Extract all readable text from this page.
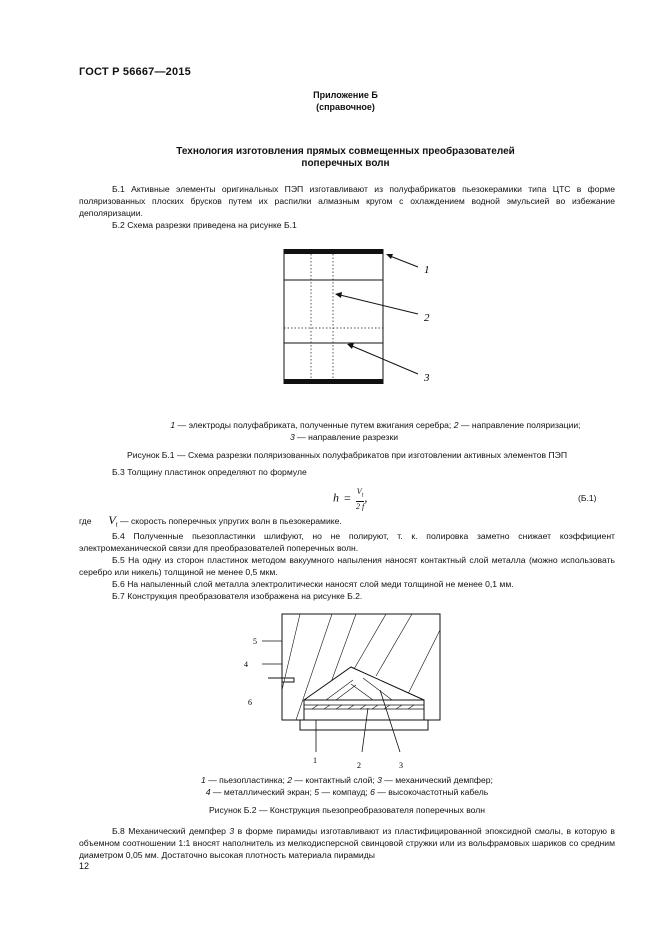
ГОСТ Р 56667—2015
Приложение Б
(справочное)
Технология изготовления прямых совмещенных преобразователей
поперечных волн
Б.1 Активные элементы оригинальных ПЭП изготавливают из полуфабрикатов пьезокерамики типа ЦТС в форме поляризованных плоских брусков путем их распилки алмазным кругом с охлаждением водной эмульсией во избежание деполяризации.
Б.2 Схема разрезки приведена на рисунке Б.1
1
2
3
1 — электроды полуфабриката, полученные путем вжигания серебра; 2 — направление поляризации;
3 — направление разрезки
Рисунок Б.1 — Схема разрезки поляризованных полуфабрикатов при изготовлении активных элементов ПЭП
Б.3 Толщину пластинок определяют по формуле
$h = \frac{V_t}{2 f}$ ,	(Б.1)
где $V_t$ — скорость поперечных упругих волн в пьезокерамике.
Б.4 Полученные пьезопластинки шлифуют, но не полируют, т. к. полировка заметно снижает коэффициент электромеханической связи для преобразователей поперечных волн.
Б.5 На одну из сторон пластинок методом вакуумного напыления наносят контактный слой металла (можно использовать серебро или никель) толщиной не менее 0,5 мкм.
Б.6 На напыленный слой металла электролитически наносят слой меди толщиной не менее 0,1 мм.
Б.7 Конструкция преобразователя изображена на рисунке Б.2.
5
4
6
1
2	3
1 — пьезопластинка; 2 — контактный слой; 3 — механический демпфер;
4 — металлический экран; 5 — компауд; 6 — высокочастотный кабель
Рисунок Б.2 — Конструкция пьезопреобразователя поперечных волн
Б.8 Механический демпфер 3 в форме пирамиды изготавливают из пластифицированной эпоксидной смолы, в которую в объемном соотношении 1:1 вносят наполнитель из мелкодисперсной свинцовой стружки или из вольфрамовых шариков со средним диаметром 0,05 мм. Достаточно высокая плотность материала пирамиды
12
